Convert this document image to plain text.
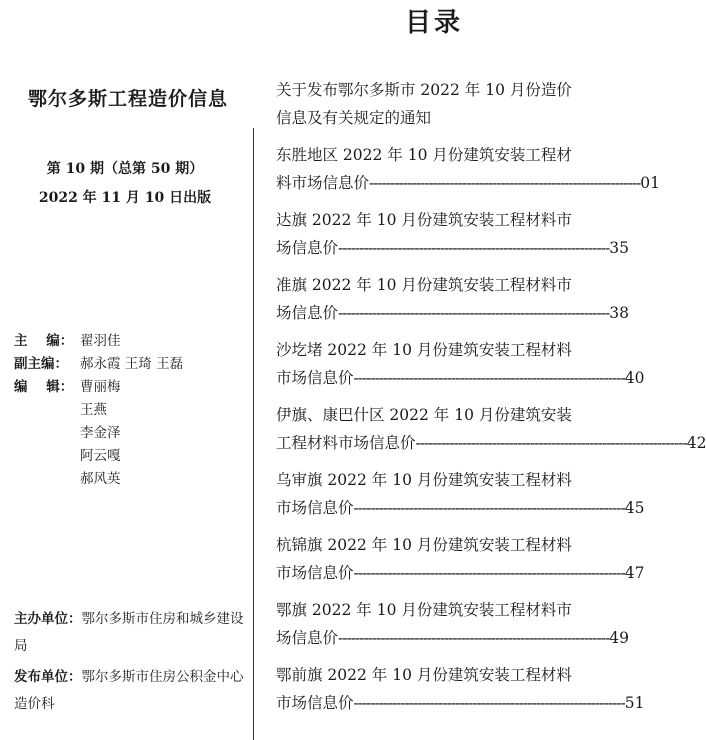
目录
鄂尔多斯工程造价信息
第 10 期（总第 50 期）
2022 年 11 月 10 日出版
主    编： 翟羽佳
副主编： 郝永霞 王琦 王磊
编    辑： 曹丽梅
王燕
李金泽
阿云嘎
郝风英
主办单位：鄂尔多斯市住房和城乡建设局
发布单位：鄂尔多斯市住房公积金中心造价科
关于发布鄂尔多斯市 2022 年 10 月份造价
信息及有关规定的通知
东胜地区 2022 年 10 月份建筑安装工程材
料市场信息价 ---------------------------------------------------------------- 01
达旗 2022 年 10 月份建筑安装工程材料市
场信息价 ---------------------------------------------------------------- 35
准旗 2022 年 10 月份建筑安装工程材料市
场信息价 ---------------------------------------------------------------- 38
沙圪堵 2022 年 10 月份建筑安装工程材料
市场信息价 ---------------------------------------------------------------- 40
伊旗、康巴什区 2022 年 10 月份建筑安装
工程材料市场信息价 ---------------------------------------------------------------- 42
乌审旗 2022 年 10 月份建筑安装工程材料
市场信息价 ---------------------------------------------------------------- 45
杭锦旗 2022 年 10 月份建筑安装工程材料
市场信息价 ---------------------------------------------------------------- 47
鄂旗 2022 年 10 月份建筑安装工程材料市
场信息价 ---------------------------------------------------------------- 49
鄂前旗 2022 年 10 月份建筑安装工程材料
市场信息价 ---------------------------------------------------------------- 51
